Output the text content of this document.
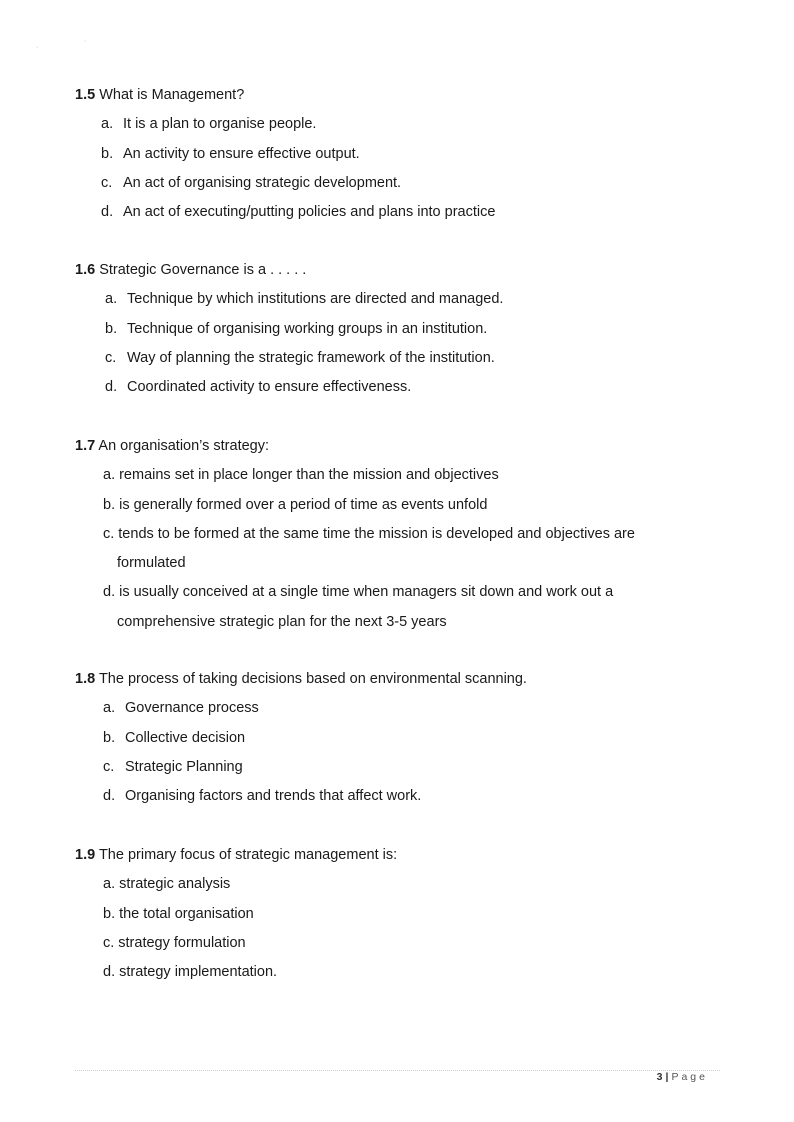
·
·

1.5 What is Management?

a. It is a plan to organise people.

b. An activity to ensure effective output.

c. An act of organising strategic development.

d. An act of executing/putting policies and plans into practice

1.6 Strategic Governance is a . . . . .

a. Technique by which institutions are directed and managed.

b. Technique of organising working groups in an institution.

c. Way of planning the strategic framework of the institution.

d. Coordinated activity to ensure effectiveness.

1.7 An organisation’s strategy:

a. remains set in place longer than the mission and objectives

b. is generally formed over a period of time as events unfold

c. tends to be formed at the same time the mission is developed and objectives are
formulated

d. is usually conceived at a single time when managers sit down and work out a
comprehensive strategic plan for the next 3-5 years

1.8 The process of taking decisions based on environmental scanning.

a. Governance process

b. Collective decision

c. Strategic Planning

d. Organising factors and trends that affect work.

1.9 The primary focus of strategic management is:

a. strategic analysis

b. the total organisation

c. strategy formulation

d. strategy implementation.

3 | Page
